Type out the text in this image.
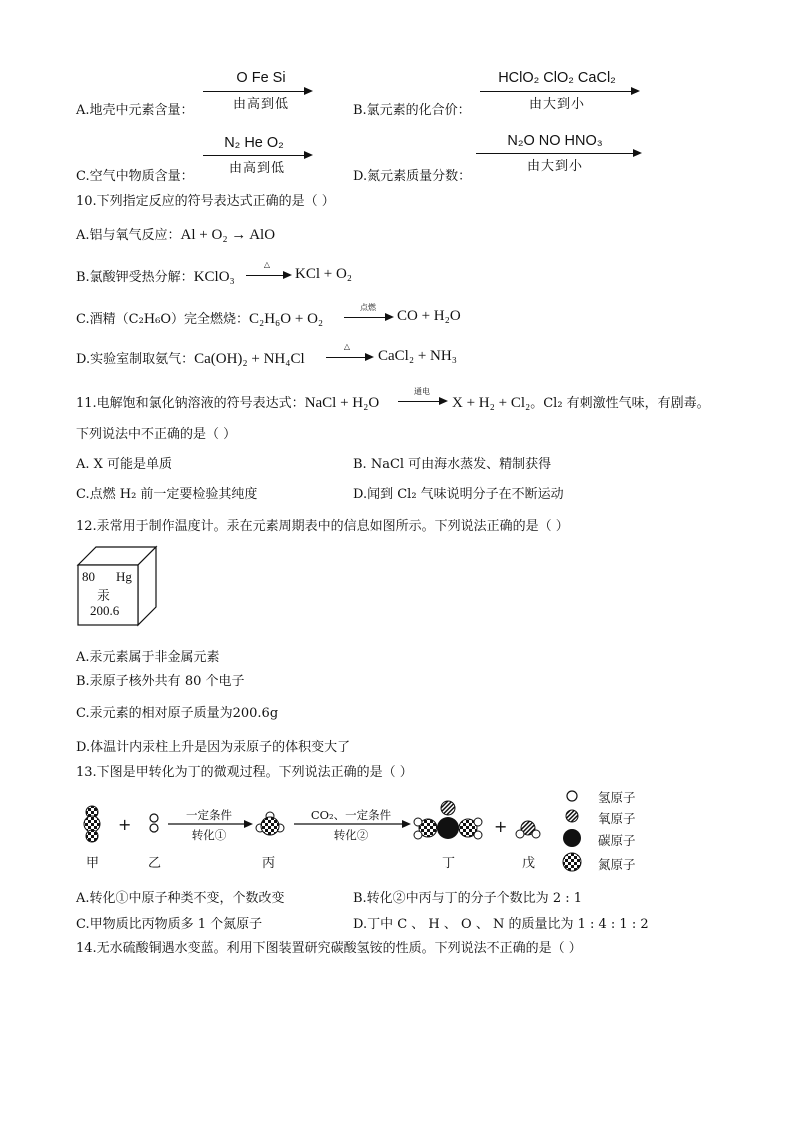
A.地壳中元素含量：
O Fe Si
由高到低	B.氯元素的化合价：
HClO₂ ClO₂ CaCl₂
由大到小
C.空气中物质含量：
N₂ He O₂
由高到低
D.氮元素质量分数：
N₂O NO HNO₃
由大到小
10.下列指定反应的符号表达式正确的是（ ）
A.铝与氧气反应：Al + O₂ → AlO
B.氯酸钾受热分解：KClO₃
△
KCl + O₂
C.酒精（C₂H₆O）完全燃烧：C₂H₆O + O₂
点燃
CO + H₂O
D.实验室制取氨气：Ca(OH)₂ + NH₄Cl
△
CaCl₂ + NH₃
11.电解饱和氯化钠溶液的符号表达式：NaCl + H₂O
通电
X + H₂ + Cl₂。Cl₂ 有刺激性气味，有剧毒。
下列说法中不正确的是（ ）
A. X 可能是单质	B. NaCl 可由海水蒸发、精制获得
C.点燃 H₂ 前一定要检验其纯度	D.闻到 Cl₂ 气味说明分子在不断运动
12.汞常用于制作温度计。汞在元素周期表中的信息如图所示。下列说法正确的是（ ）
80 Hg
汞
200.6
A.汞元素属于非金属元素
B.汞原子核外共有 80 个电子
C.汞元素的相对原子质量为200.6g
D.体温计内汞柱上升是因为汞原子的体积变大了
13.下图是甲转化为丁的微观过程。下列说法正确的是（ ）
+	+
一定条件
转化①
CO₂、一定条件
转化②
甲	乙	丙	丁	戊
氢原子
氧原子
碳原子
氮原子
A.转化①中原子种类不变，个数改变	B.转化②中丙与丁的分子个数比为 2 : 1
C.甲物质比丙物质多 1 个氮原子	D.丁中 C 、 H 、 O 、 N 的质量比为 1 : 4 : 1 : 2
14.无水硫酸铜遇水变蓝。利用下图装置研究碳酸氢铵的性质。下列说法不正确的是（ ）
